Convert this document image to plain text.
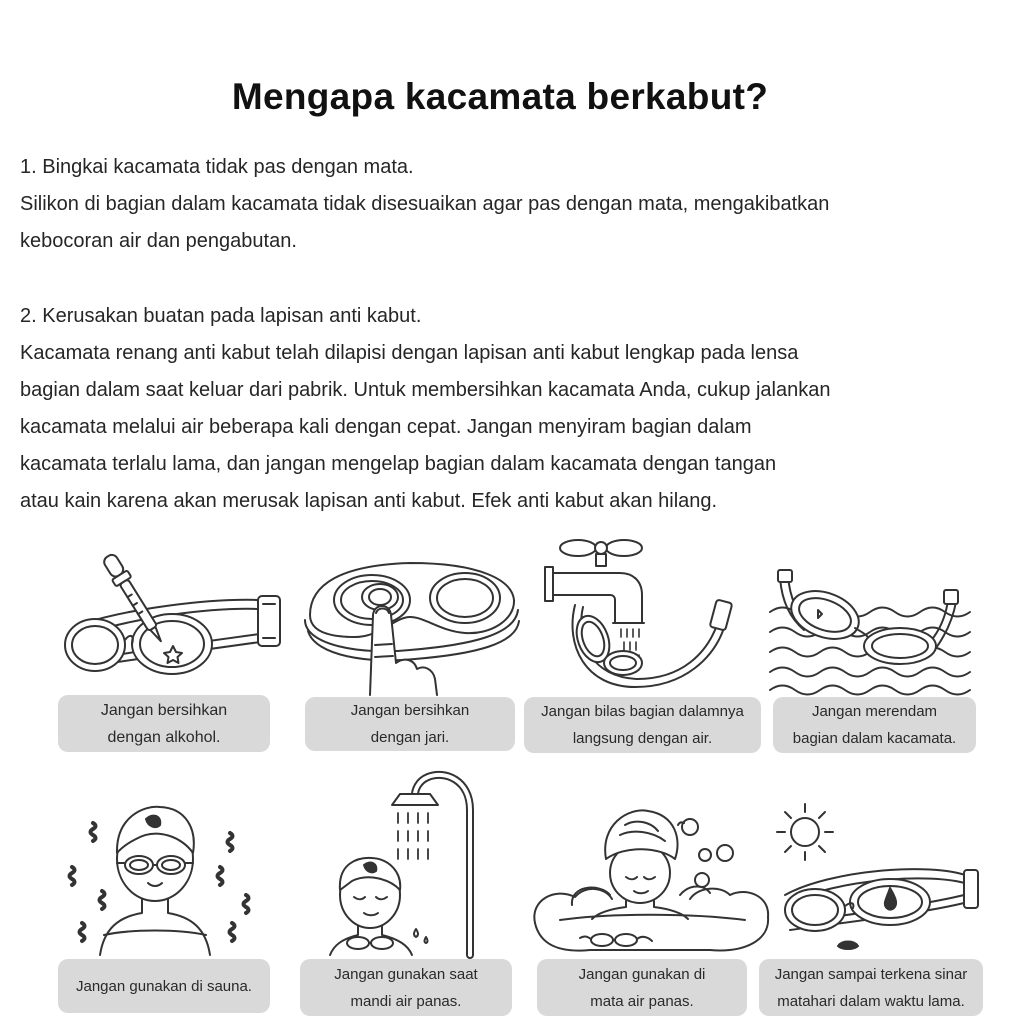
Mengapa kacamata berkabut?
1. Bingkai kacamata tidak pas dengan mata.
Silikon di bagian dalam kacamata tidak disesuaikan agar pas dengan mata, mengakibatkan
kebocoran air dan pengabutan.
2. Kerusakan buatan pada lapisan anti kabut.
Kacamata renang anti kabut telah dilapisi dengan lapisan anti kabut lengkap pada lensa
bagian dalam saat keluar dari pabrik. Untuk membersihkan kacamata Anda, cukup jalankan
kacamata melalui air beberapa kali dengan cepat. Jangan menyiram bagian dalam
kacamata terlalu lama, dan jangan mengelap bagian dalam kacamata dengan tangan
atau kain karena akan merusak lapisan anti kabut. Efek anti kabut akan hilang.
Jangan bersihkan
dengan alkohol.
Jangan bersihkan
dengan jari.
Jangan bilas bagian dalamnya
langsung dengan air.
Jangan merendam
bagian dalam kacamata.
Jangan gunakan di sauna.
Jangan gunakan saat
mandi air panas.
Jangan gunakan di
mata air panas.
Jangan sampai terkena sinar
matahari dalam waktu lama.
